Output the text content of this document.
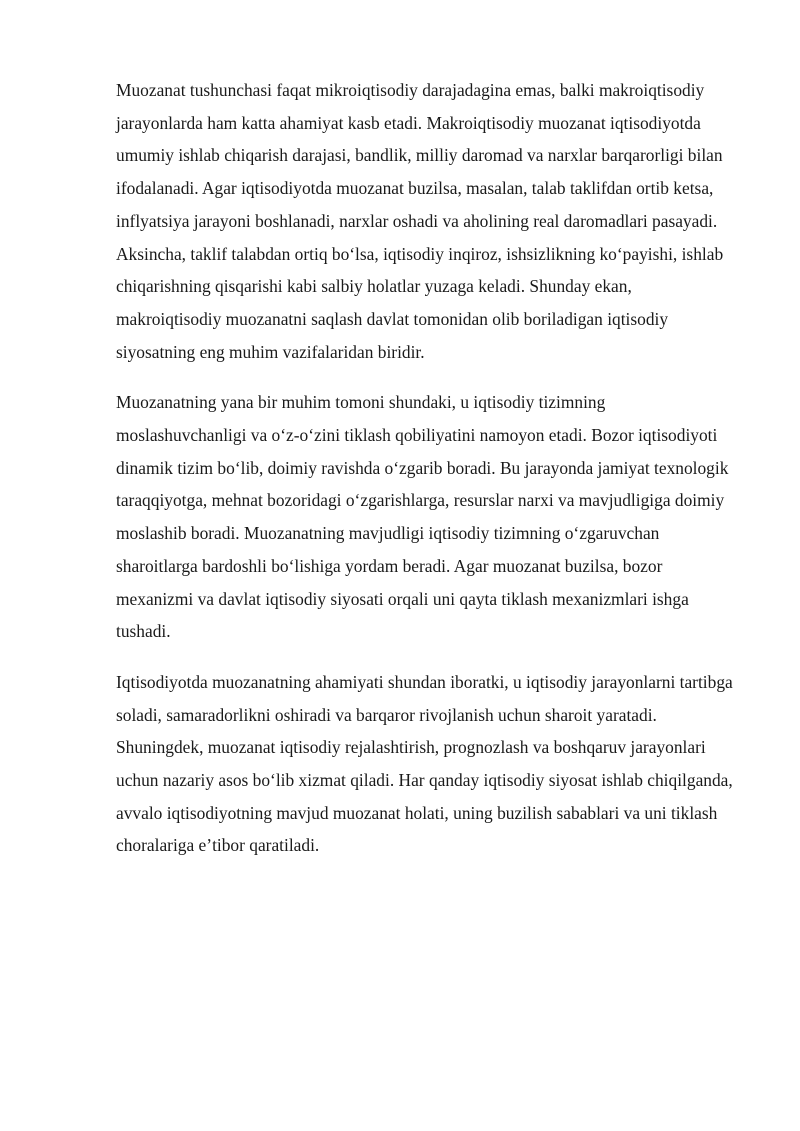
Muozanat tushunchasi faqat mikroiqtisodiy darajadagina emas, balki makroiqtisodiy jarayonlarda ham katta ahamiyat kasb etadi. Makroiqtisodiy muozanat iqtisodiyotda umumiy ishlab chiqarish darajasi, bandlik, milliy daromad va narxlar barqarorligi bilan ifodalanadi. Agar iqtisodiyotda muozanat buzilsa, masalan, talab taklifdan ortib ketsa, inflyatsiya jarayoni boshlanadi, narxlar oshadi va aholining real daromadlari pasayadi. Aksincha, taklif talabdan ortiq boʻlsa, iqtisodiy inqiroz, ishsizlikning koʻpayishi, ishlab chiqarishning qisqarishi kabi salbiy holatlar yuzaga keladi. Shunday ekan, makroiqtisodiy muozanatni saqlash davlat tomonidan olib boriladigan iqtisodiy siyosatning eng muhim vazifalaridan biridir.

Muozanatning yana bir muhim tomoni shundaki, u iqtisodiy tizimning moslashuvchanligi va oʻz-oʻzini tiklash qobiliyatini namoyon etadi. Bozor iqtisodiyoti dinamik tizim boʻlib, doimiy ravishda oʻzgarib boradi. Bu jarayonda jamiyat texnologik taraqqiyotga, mehnat bozoridagi oʻzgarishlarga, resurslar narxi va mavjudligiga doimiy moslashib boradi. Muozanatning mavjudligi iqtisodiy tizimning oʻzgaruvchan sharoitlarga bardoshli boʻlishiga yordam beradi. Agar muozanat buzilsa, bozor mexanizmi va davlat iqtisodiy siyosati orqali uni qayta tiklash mexanizmlari ishga tushadi.

Iqtisodiyotda muozanatning ahamiyati shundan iboratki, u iqtisodiy jarayonlarni tartibga soladi, samaradorlikni oshiradi va barqaror rivojlanish uchun sharoit yaratadi. Shuningdek, muozanat iqtisodiy rejalashtirish, prognozlash va boshqaruv jarayonlari uchun nazariy asos boʻlib xizmat qiladi. Har qanday iqtisodiy siyosat ishlab chiqilganda, avvalo iqtisodiyotning mavjud muozanat holati, uning buzilish sabablari va uni tiklash choralariga eʼtibor qaratiladi.
